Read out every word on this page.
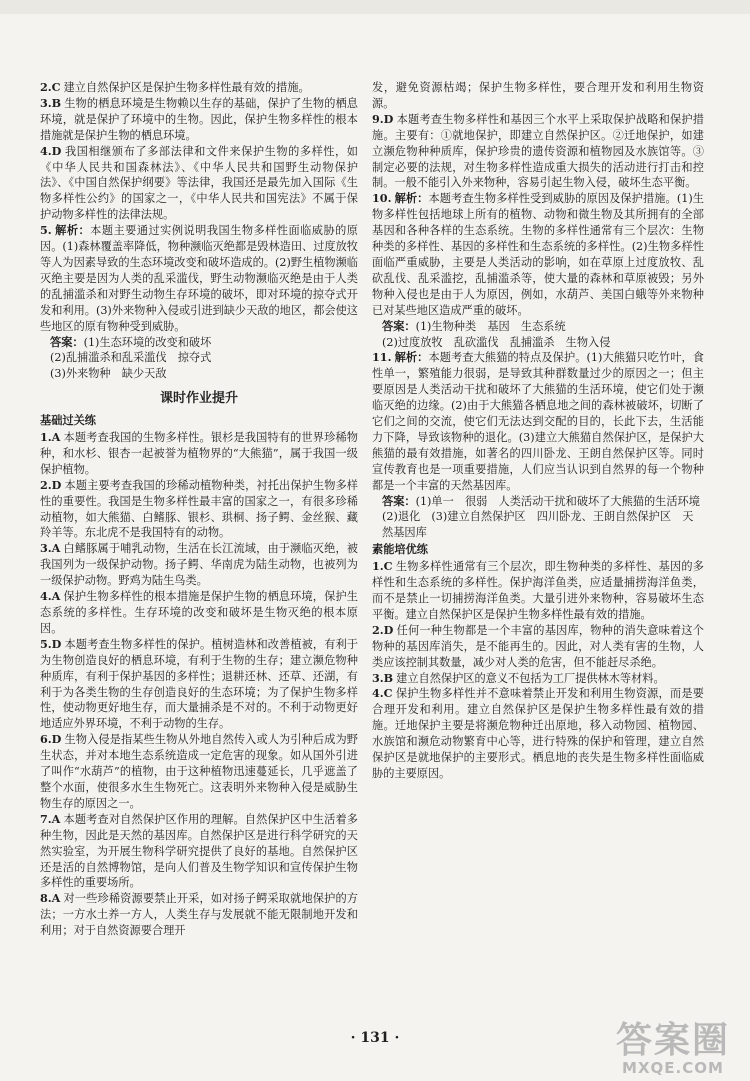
2.C 建立自然保护区是保护生物多样性最有效的措施。

3.B 生物的栖息环境是生物赖以生存的基础，保护了生物的栖息环境，就是保护了环境中的生物。因此，保护生物多样性的根本措施就是保护生物的栖息环境。

4.D 我国相继颁布了多部法律和文件来保护生物的多样性，如《中华人民共和国森林法》、《中华人民共和国野生动物保护法》、《中国自然保护纲要》等法律，我国还是最先加入国际《生物多样性公约》的国家之一，《中华人民共和国宪法》不属于保护动物多样性的法律法规。

5. 解析：本题主要通过实例说明我国生物多样性面临威胁的原因。(1)森林覆盖率降低，物种濒临灭绝都是毁林造田、过度放牧等人为因素导致的生态环境改变和破坏造成的。(2)野生植物濒临灭绝主要是因为人类的乱采滥伐，野生动物濒临灭绝是由于人类的乱捕滥杀和对野生动物生存环境的破坏，即对环境的掠夺式开发和利用。(3)外来物种入侵或引进到缺少天敌的地区，都会使这些地区的原有物种受到威胁。

答案：(1)生态环境的改变和破坏

(2)乱捕滥杀和乱采滥伐　掠夺式

(3)外来物种　缺少天敌

课时作业提升
基础过关练

1.A 本题考查我国的生物多样性。银杉是我国特有的世界珍稀物种，和水杉、银杏一起被誉为植物界的“大熊猫”，属于我国一级保护植物。

2.D 本题主要考查我国的珍稀动植物种类，衬托出保护生物多样性的重要性。我国是生物多样性最丰富的国家之一，有很多珍稀动植物，如大熊猫、白鳍豚、银杉、珙桐、扬子鳄、金丝猴、藏羚羊等。东北虎不是我国特有的动物。

3.A 白鳍豚属于哺乳动物，生活在长江流域，由于濒临灭绝，被我国列为一级保护动物。扬子鳄、华南虎为陆生动物，也被列为一级保护动物。野鸡为陆生鸟类。

4.A 保护生物多样性的根本措施是保护生物的栖息环境，保护生态系统的多样性。生存环境的改变和破坏是生物灭绝的根本原因。

5.D 本题考查生物多样性的保护。植树造林和改善植被，有利于为生物创造良好的栖息环境，有利于生物的生存；建立濒危物种种质库，有利于保护基因的多样性；退耕还林、还草、还湖，有利于为各类生物的生存创造良好的生态环境；为了保护生物多样性，使动物更好地生存，而大量捕杀是不对的。不利于动物更好地适应外界环境，不利于动物的生存。

6.D 生物入侵是指某些生物从外地自然传入或人为引种后成为野生状态，并对本地生态系统造成一定危害的现象。如从国外引进了叫作“水葫芦”的植物，由于这种植物迅速蔓延长，几乎遮盖了整个水面，使很多水生生物死亡。这表明外来物种入侵是威胁生物生存的原因之一。

7.A 本题考查对自然保护区作用的理解。自然保护区中生活着多种生物，因此是天然的基因库。自然保护区是进行科学研究的天然实验室，为开展生物科学研究提供了良好的基地。自然保护区还是活的自然博物馆，是向人们普及生物学知识和宣传保护生物多样性的重要场所。

8.A 对一些珍稀资源要禁止开采，如对扬子鳄采取就地保护的方法；一方水土养一方人，人类生存与发展就不能无限制地开发和利用；对于自然资源要合理开

发，避免资源枯竭；保护生物多样性，要合理开发和利用生物资源。

9.D 本题考查生物多样性和基因三个水平上采取保护战略和保护措施。主要有：①就地保护，即建立自然保护区。②迁地保护，如建立濒危物种种质库，保护珍贵的遗传资源和植物园及水族馆等。③制定必要的法规，对生物多样性造成重大损失的活动进行打击和控制。一般不能引入外来物种，容易引起生物入侵，破坏生态平衡。

10. 解析：本题考查生物多样性受到威胁的原因及保护措施。(1)生物多样性包括地球上所有的植物、动物和微生物及其所拥有的全部基因和各种各样的生态系统。生物的多样性通常有三个层次：生物种类的多样性、基因的多样性和生态系统的多样性。(2)生物多样性面临严重威胁，主要是人类活动的影响，如在草原上过度放牧、乱砍乱伐、乱采滥挖，乱捕滥杀等，使大量的森林和草原被毁；另外物种入侵也是由于人为原因，例如，水葫芦、美国白蛾等外来物种已对某些地区造成严重的破坏。

答案：(1)生物种类　基因　生态系统

(2)过度放牧　乱砍滥伐　乱捕滥杀　生物入侵

11. 解析：本题考查大熊猫的特点及保护。(1)大熊猫只吃竹叶，食性单一，繁殖能力很弱，是导致其种群数量过少的原因之一；但主要原因是人类活动干扰和破坏了大熊猫的生活环境，使它们处于濒临灭绝的边缘。(2)由于大熊猫各栖息地之间的森林被破坏，切断了它们之间的交流，使它们无法达到交配的目的，长此下去，生活能力下降，导致该物种的退化。(3)建立大熊猫自然保护区，是保护大熊猫的最有效措施，如著名的四川卧龙、王朗自然保护区等。同时宣传教育也是一项重要措施，人们应当认识到自然界的每一个物种都是一个丰富的天然基因库。

答案：(1)单一　很弱　人类活动干扰和破坏了大熊猫的生活环境　(2)退化　(3)建立自然保护区　四川卧龙、王朗自然保护区　天然基因库

素能培优练

1.C 生物多样性通常有三个层次，即生物种类的多样性、基因的多样性和生态系统的多样性。保护海洋鱼类，应适量捕捞海洋鱼类，而不是禁止一切捕捞海洋鱼类。大量引进外来物种，容易破坏生态平衡。建立自然保护区是保护生物多样性最有效的措施。

2.D 任何一种生物都是一个丰富的基因库，物种的消失意味着这个物种的基因库消失，是不能再生的。因此，对人类有害的生物，人类应该控制其数量，减少对人类的危害，但不能赶尽杀绝。

3.B 建立自然保护区的意义不包括为工厂提供林木等材料。

4.C 保护生物多样性并不意味着禁止开发和利用生物资源，而是要合理开发和利用。建立自然保护区是保护生物多样性最有效的措施。迁地保护主要是将濒危物种迁出原地，移入动物园、植物园、水族馆和濒危动物繁育中心等，进行特殊的保护和管理，建立自然保护区是就地保护的主要形式。栖息地的丧失是生物多样性面临威胁的主要原因。

· 131 ·	答案圈
MXQE.COM
